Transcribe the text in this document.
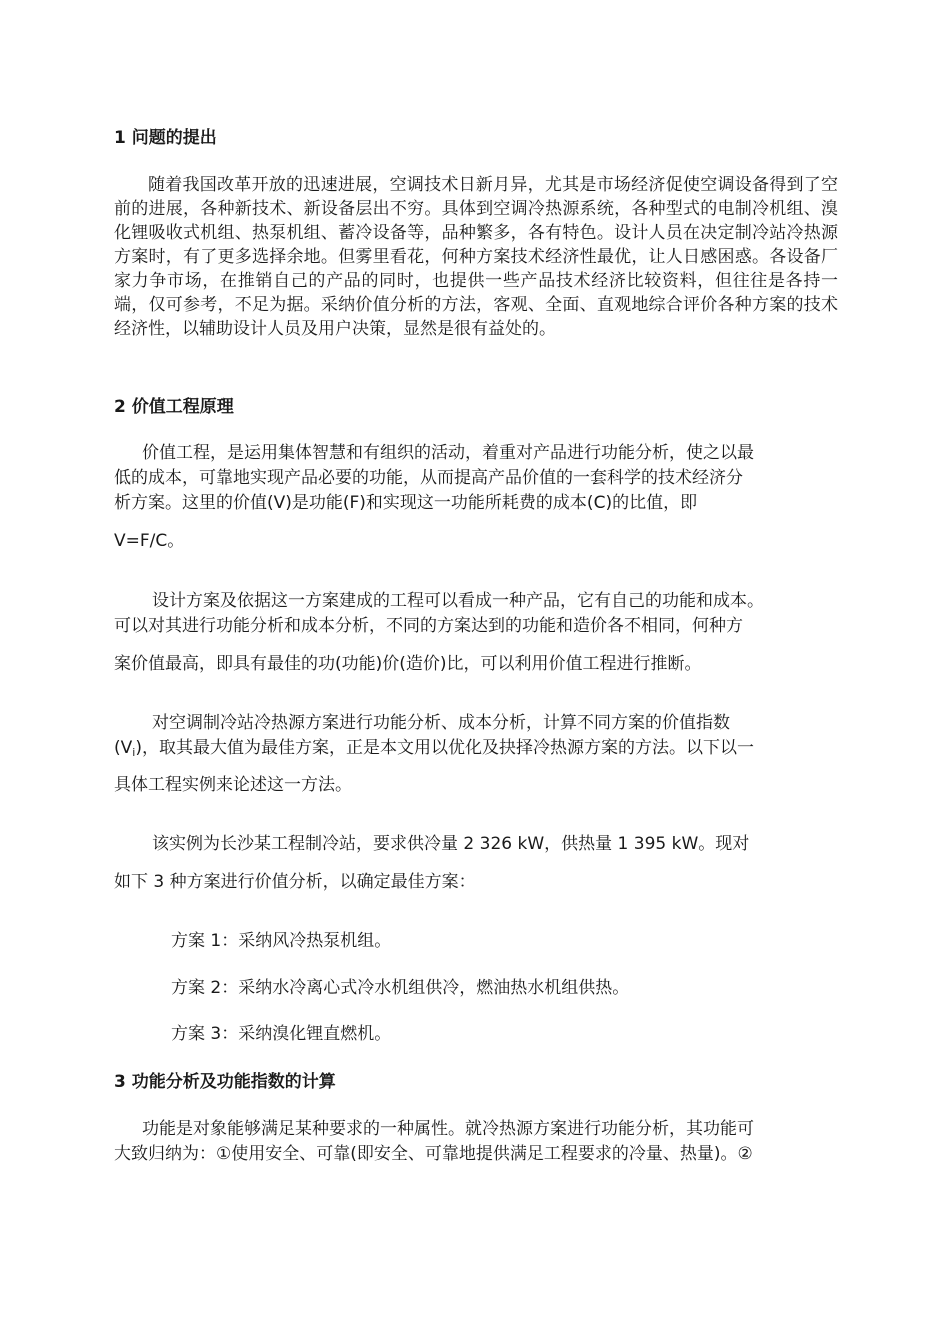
1 问题的提出
随着我国改革开放的迅速进展，空调技术日新月异，尤其是市场经济促使空调设备得到了空前的进展，各种新技术、新设备层出不穷。具体到空调冷热源系统，各种型式的电制冷机组、溴化锂吸收式机组、热泵机组、蓄冷设备等，品种繁多，各有特色。设计人员在决定制冷站冷热源方案时，有了更多选择余地。但雾里看花，何种方案技术经济性最优，让人日感困惑。各设备厂家力争市场，在推销自己的产品的同时，也提供一些产品技术经济比较资料，但往往是各持一端，仅可参考，不足为据。采纳价值分析的方法，客观、全面、直观地综合评价各种方案的技术经济性，以辅助设计人员及用户决策，显然是很有益处的。
2 价值工程原理
价值工程，是运用集体智慧和有组织的活动，着重对产品进行功能分析，使之以最
低的成本，可靠地实现产品必要的功能，从而提高产品价值的一套科学的技术经济分
析方案。这里的价值(V)是功能(F)和实现这一功能所耗费的成本(C)的比值，即
V=F/C。
设计方案及依据这一方案建成的工程可以看成一种产品，它有自己的功能和成本。
可以对其进行功能分析和成本分析，不同的方案达到的功能和造价各不相同，何种方
案价值最高，即具有最佳的功(功能)价(造价)比，可以利用价值工程进行推断。
对空调制冷站冷热源方案进行功能分析、成本分析，计算不同方案的价值指数
$(V_i)$，取其最大值为最佳方案，正是本文用以优化及抉择冷热源方案的方法。以下以一
具体工程实例来论述这一方法。
该实例为长沙某工程制冷站，要求供冷量 2 326 kW，供热量 1 395 kW。现对
如下 3 种方案进行价值分析，以确定最佳方案：
方案 1：采纳风冷热泵机组。
方案 2：采纳水冷离心式冷水机组供冷，燃油热水机组供热。
方案 3：采纳溴化锂直燃机。
3 功能分析及功能指数的计算
功能是对象能够满足某种要求的一种属性。就冷热源方案进行功能分析，其功能可
大致归纳为：①使用安全、可靠(即安全、可靠地提供满足工程要求的冷量、热量)。②
